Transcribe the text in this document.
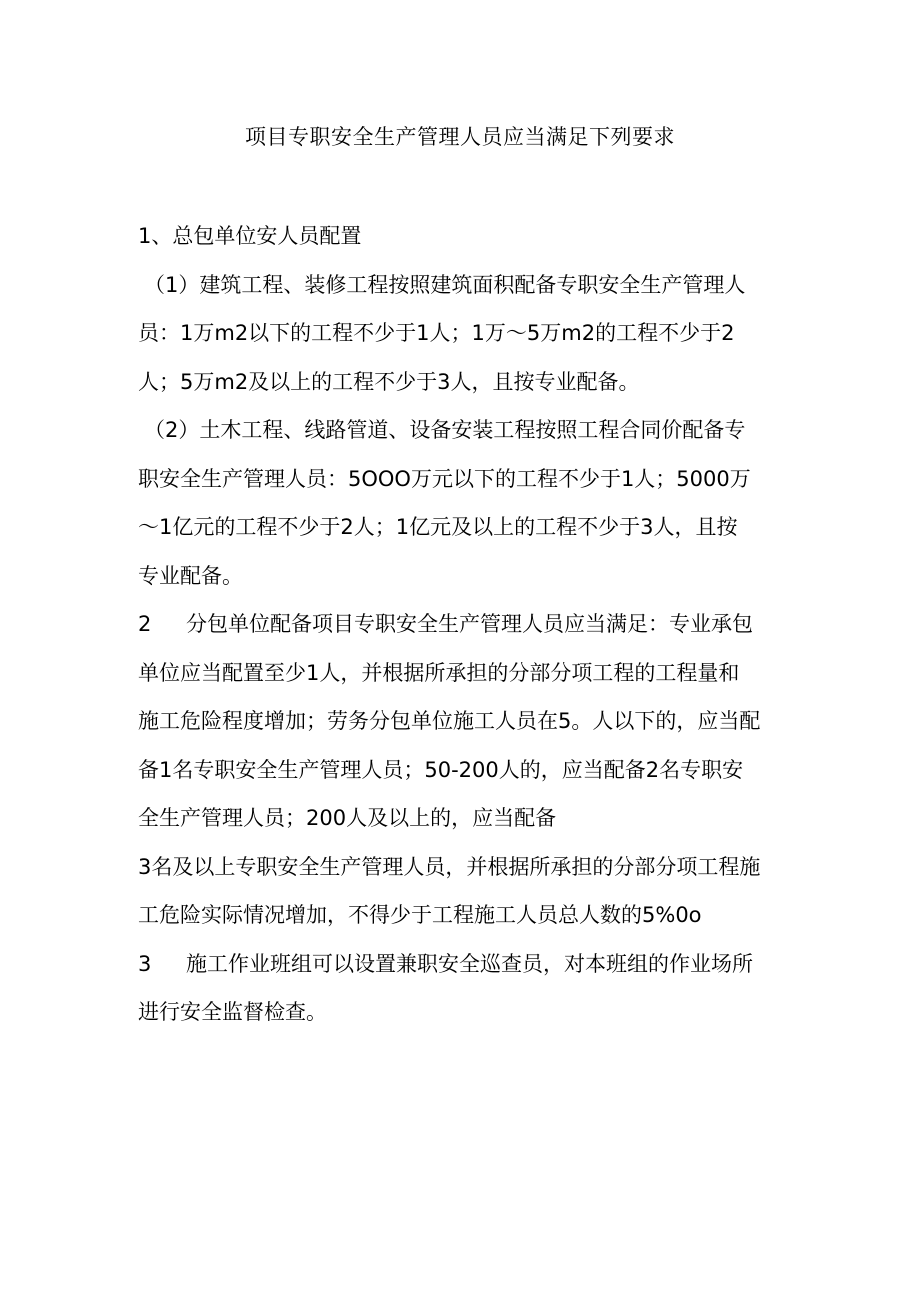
项目专职安全生产管理人员应当满足下列要求
1、总包单位安人员配置
（1）建筑工程、装修工程按照建筑面积配备专职安全生产管理人
员：1万m2以下的工程不少于1人；1万～5万m2的工程不少于2
人；5万m2及以上的工程不少于3人，且按专业配备。
（2）土木工程、线路管道、设备安装工程按照工程合同价配备专
职安全生产管理人员：5OOO万元以下的工程不少于1人；5000万
～1亿元的工程不少于2人；1亿元及以上的工程不少于3人，且按
专业配备。
2 分包单位配备项目专职安全生产管理人员应当满足：专业承包
单位应当配置至少1人，并根据所承担的分部分项工程的工程量和
施工危险程度增加；劳务分包单位施工人员在5。人以下的，应当配
备1名专职安全生产管理人员；50-200人的，应当配备2名专职安
全生产管理人员；200人及以上的，应当配备
3名及以上专职安全生产管理人员，并根据所承担的分部分项工程施
工危险实际情况增加，不得少于工程施工人员总人数的5%0o
3 施工作业班组可以设置兼职安全巡查员，对本班组的作业场所
进行安全监督检查。
